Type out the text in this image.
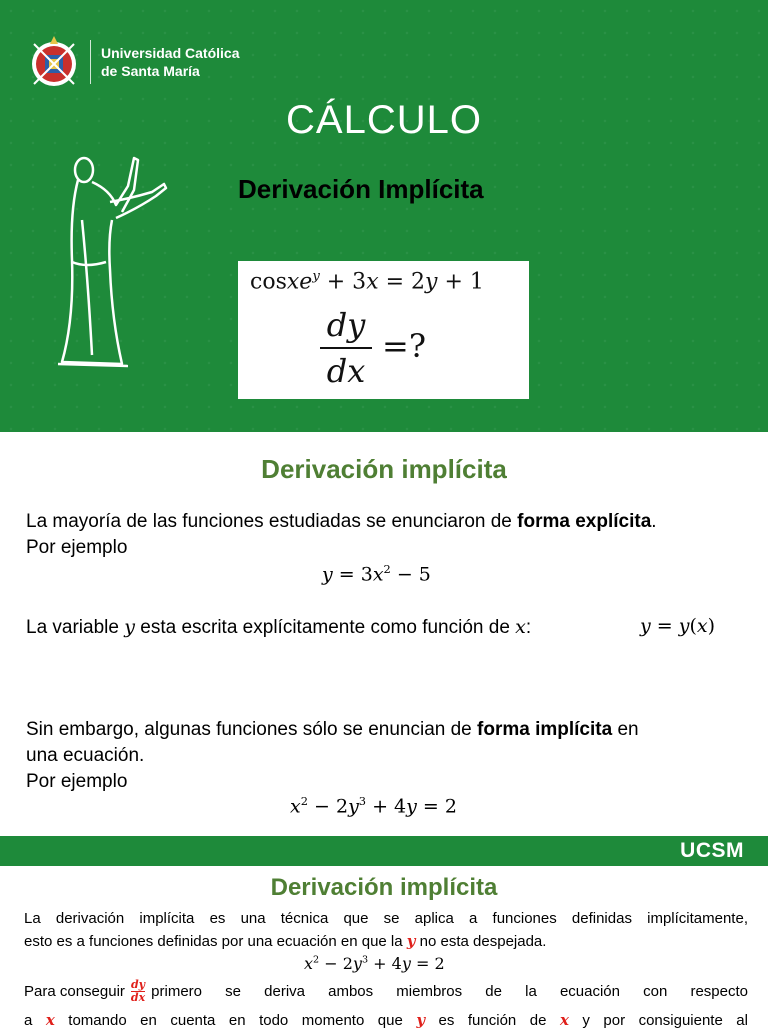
Universidad Católica
de Santa María
CÁLCULO
Derivación Implícita
cosxe$^y$ + 3x = 2y + 1
dy
dx
=?
Derivación implícita
La mayoría de las funciones estudiadas se enunciaron de forma explícita.
Por ejemplo
$y = 3x^2 - 5$
La variable y esta escrita explícitamente como función de x:	y = y(x)
Sin embargo, algunas funciones sólo se enuncian de forma implícita en
una ecuación.
Por ejemplo
$x^2 - 2y^3 + 4y = 2$
UCSM
Derivación implícita
La derivación implícita es una técnica que se aplica a funciones definidas implícitamente,
esto es a funciones definidas por una ecuación en que la y no esta despejada.
$x^2 - 2y^3 + 4y = 2$
Para conseguir dy
dx primero se deriva ambos miembros de la ecuación con respecto
a x tomando en cuenta en todo momento que y es función de x y por consiguiente al
